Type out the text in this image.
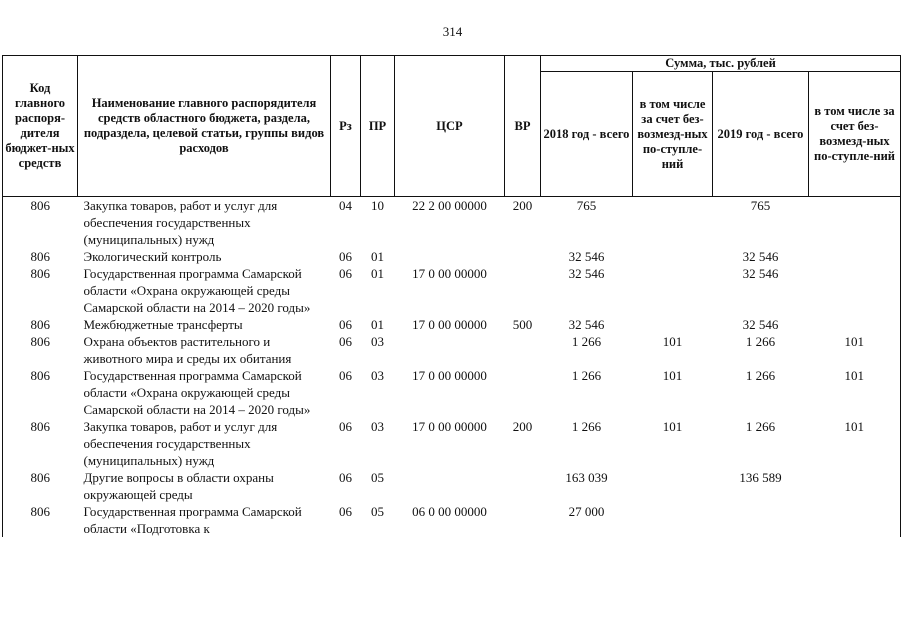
314
Код главного распоря-дителя бюджет-ных средств	Наименование главного распорядителя средств областного бюджета, раздела, подраздела, целевой статьи, группы видов расходов	Рз	ПР	ЦСР	ВР	Сумма, тыс. рублей			
						2018 год - всего	в том числе за счет без-возмезд-ных по-ступле-ний	2019 год - всего	в том числе за счет без-возмезд-ных по-ступле-ний
806	Закупка товаров, работ и услуг для обеспечения государственных (муниципальных) нужд	04	10	22 2 00 00000	200	765		765	
806	Экологический контроль	06	01			32 546		32 546	
806	Государственная программа Самарской области «Охрана окружающей среды Самарской области на 2014 – 2020 годы»	06	01	17 0 00 00000		32 546		32 546	
806	Межбюджетные трансферты	06	01	17 0 00 00000	500	32 546		32 546	
806	Охрана объектов растительного и животного мира и среды их обитания	06	03			1 266	101	1 266	101
806	Государственная программа Самарской области «Охрана окружающей среды Самарской области на 2014 – 2020 годы»	06	03	17 0 00 00000		1 266	101	1 266	101
806	Закупка товаров, работ и услуг для обеспечения государственных (муниципальных) нужд	06	03	17 0 00 00000	200	1 266	101	1 266	101
806	Другие вопросы в области охраны окружающей среды	06	05			163 039		136 589	
806	Государственная программа Самарской области «Подготовка к	06	05	06 0 00 00000		27 000			
